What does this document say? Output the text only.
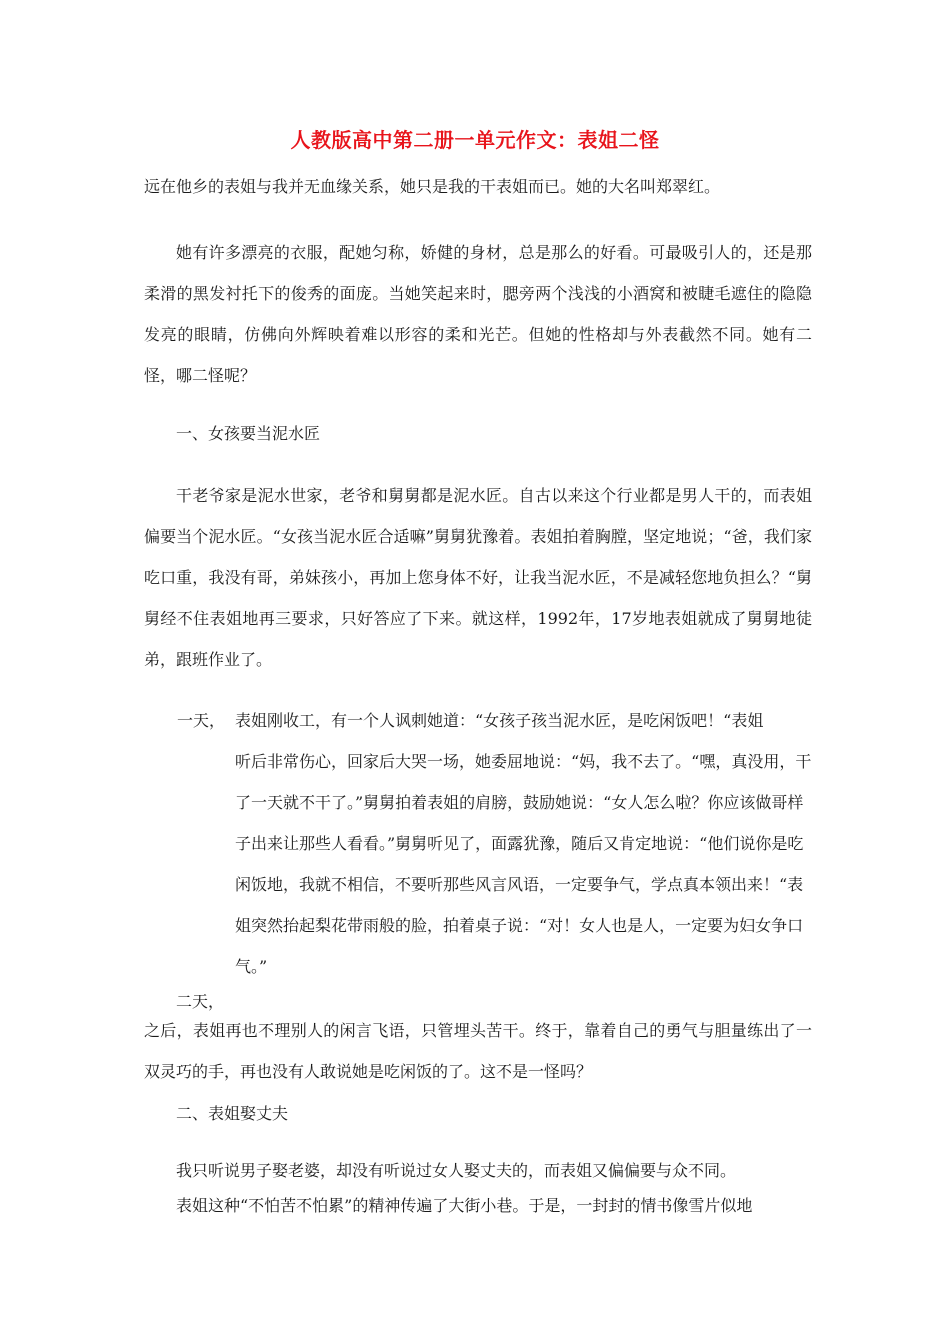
人教版高中第二册一单元作文：表姐二怪

远在他乡的表姐与我并无血缘关系，她只是我的干表姐而已。她的大名叫郑翠红。

她有许多漂亮的衣服，配她匀称，娇健的身材，总是那么的好看。可最吸引人的，还是那柔滑的黑发衬托下的俊秀的面庞。当她笑起来时，腮旁两个浅浅的小酒窝和被睫毛遮住的隐隐发亮的眼睛，仿佛向外辉映着难以形容的柔和光芒。但她的性格却与外表截然不同。她有二怪，哪二怪呢？

一、女孩要当泥水匠

干老爷家是泥水世家，老爷和舅舅都是泥水匠。自古以来这个行业都是男人干的，而表姐偏要当个泥水匠。“女孩当泥水匠合适嘛”舅舅犹豫着。表姐拍着胸膛，坚定地说；“爸，我们家吃口重，我没有哥，弟妹孩小，再加上您身体不好，让我当泥水匠，不是减轻您地负担么？“舅舅经不住表姐地再三要求，只好答应了下来。就这样，1992年，17岁地表姐就成了舅舅地徒弟，跟班作业了。

一天， 表姐刚收工，有一个人讽刺她道：“女孩子孩当泥水匠，是吃闲饭吧！“表姐
听后非常伤心，回家后大哭一场，她委屈地说：“妈，我不去了。“嘿，真没用，干了一天就不干了。”舅舅拍着表姐的肩膀，鼓励她说：“女人怎么啦？你应该做哥样子出来让那些人看看。”舅舅听见了，面露犹豫，随后又肯定地说：“他们说你是吃闲饭地，我就不相信，不要听那些风言风语，一定要争气，学点真本领出来！“表姐突然抬起梨花带雨般的脸，拍着桌子说：“对！女人也是人，一定要为妇女争口气。”

二天，

之后，表姐再也不理别人的闲言飞语，只管埋头苦干。终于，靠着自己的勇气与胆量练出了一双灵巧的手，再也没有人敢说她是吃闲饭的了。这不是一怪吗？

二、表姐娶丈夫

我只听说男子娶老婆，却没有听说过女人娶丈夫的，而表姐又偏偏要与众不同。

表姐这种“不怕苦不怕累”的精神传遍了大街小巷。于是，一封封的情书像雪片似地
